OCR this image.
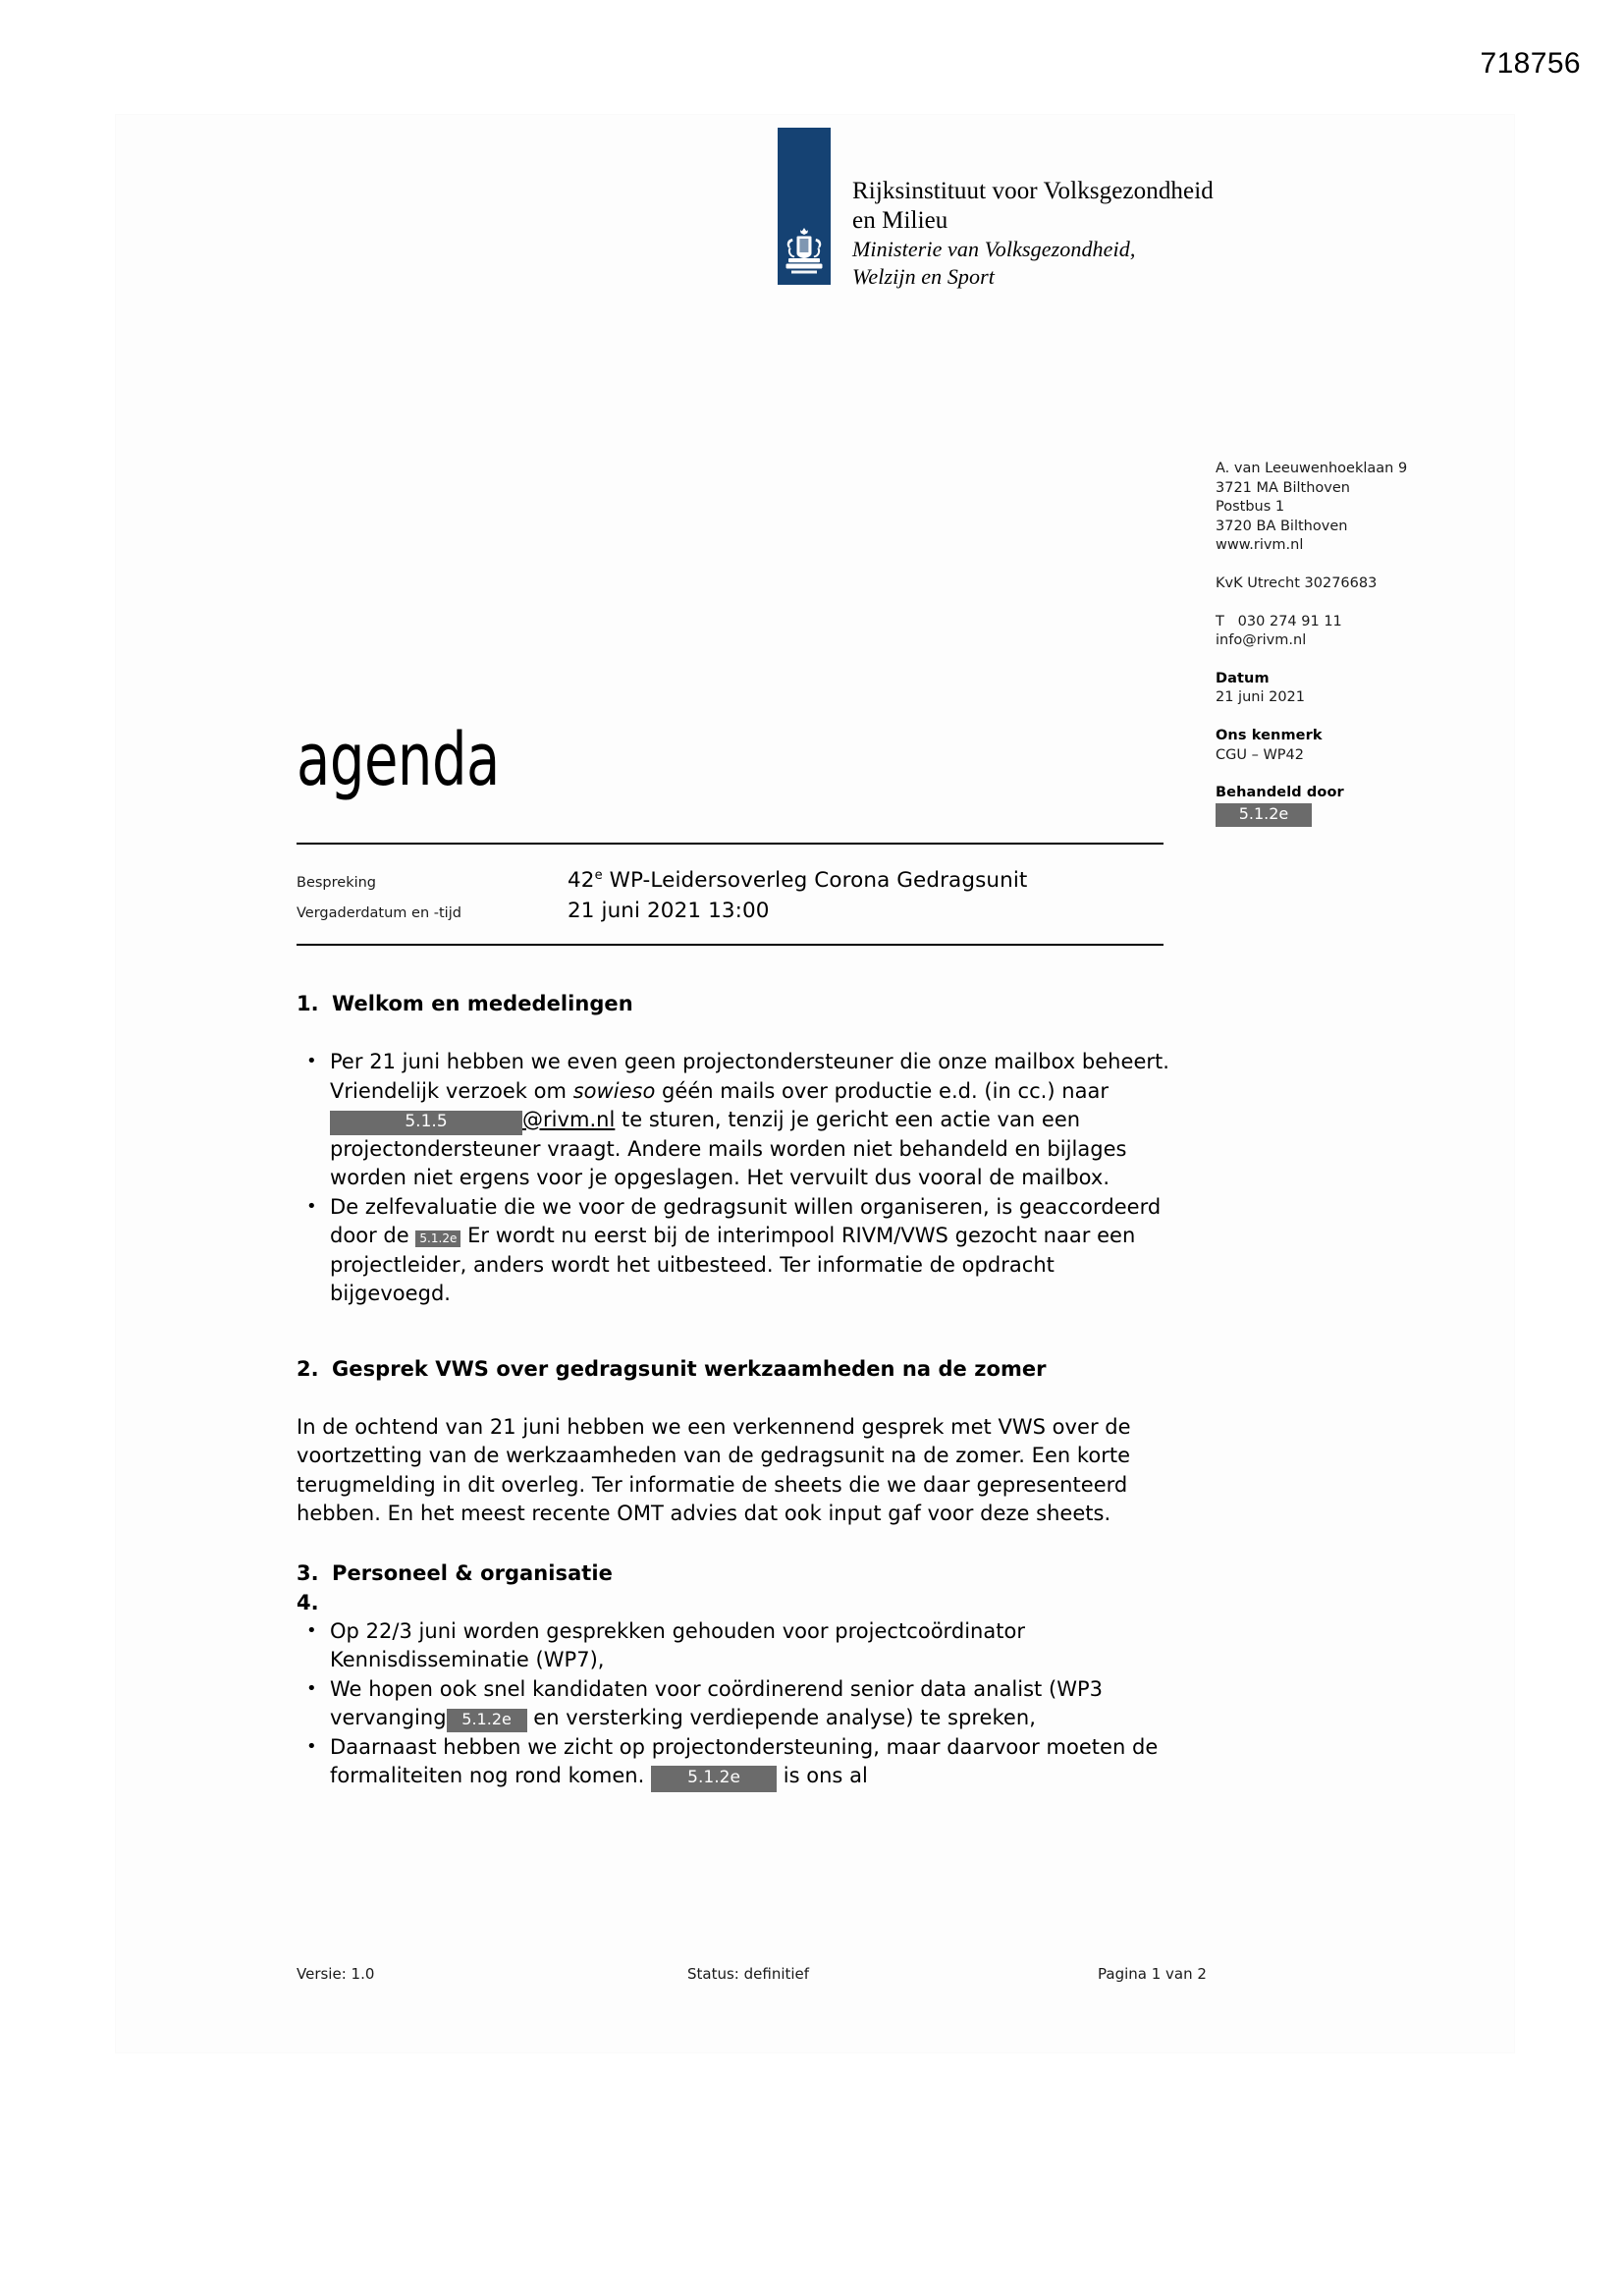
718756
Rijksinstituut voor Volksgezondheid
en Milieu
Ministerie van Volksgezondheid,
Welzijn en Sport
A. van Leeuwenhoeklaan 9
3721 MA Bilthoven
Postbus 1
3720 BA Bilthoven
www.rivm.nl
KvK Utrecht 30276683
T   030 274 91 11
info@rivm.nl
Datum
21 juni 2021
Ons kenmerk
CGU – WP42
Behandeld door
5.1.2e
agenda
Bespreking	42e WP-Leidersoverleg Corona Gedragsunit
Vergaderdatum en -tijd	21 juni 2021 13:00
1. Welkom en mededelingen
• Per 21 juni hebben we even geen projectondersteuner die onze mailbox beheert. Vriendelijk verzoek om sowieso géén mails over productie e.d. (in cc.) naar 5.1.5	@rivm.nl te sturen, tenzij je gericht een actie van een projectondersteuner vraagt. Andere mails worden niet behandeld en bijlages worden niet ergens voor je opgeslagen. Het vervuilt dus vooral de mailbox.
• De zelfevaluatie die we voor de gedragsunit willen organiseren, is geaccordeerd door de 5.1.2e Er wordt nu eerst bij de interimpool RIVM/VWS gezocht naar een projectleider, anders wordt het uitbesteed. Ter informatie de opdracht bijgevoegd.
2. Gesprek VWS over gedragsunit werkzaamheden na de zomer

In de ochtend van 21 juni hebben we een verkennend gesprek met VWS over de voortzetting van de werkzaamheden van de gedragsunit na de zomer. Een korte terugmelding in dit overleg. Ter informatie de sheets die we daar gepresenteerd hebben. En het meest recente OMT advies dat ook input gaf voor deze sheets.

3. Personeel & organisatie
4.
• Op 22/3 juni worden gesprekken gehouden voor projectcoördinator Kennisdisseminatie (WP7),
• We hopen ook snel kandidaten voor coördinerend senior data analist (WP3 vervanging 5.1.2e en versterking verdiepende analyse) te spreken,
• Daarnaast hebben we zicht op projectondersteuning, maar daarvoor moeten de formaliteiten nog rond komen. 5.1.2e is ons al
Versie: 1.0	Status: definitief	Pagina 1 van 2
